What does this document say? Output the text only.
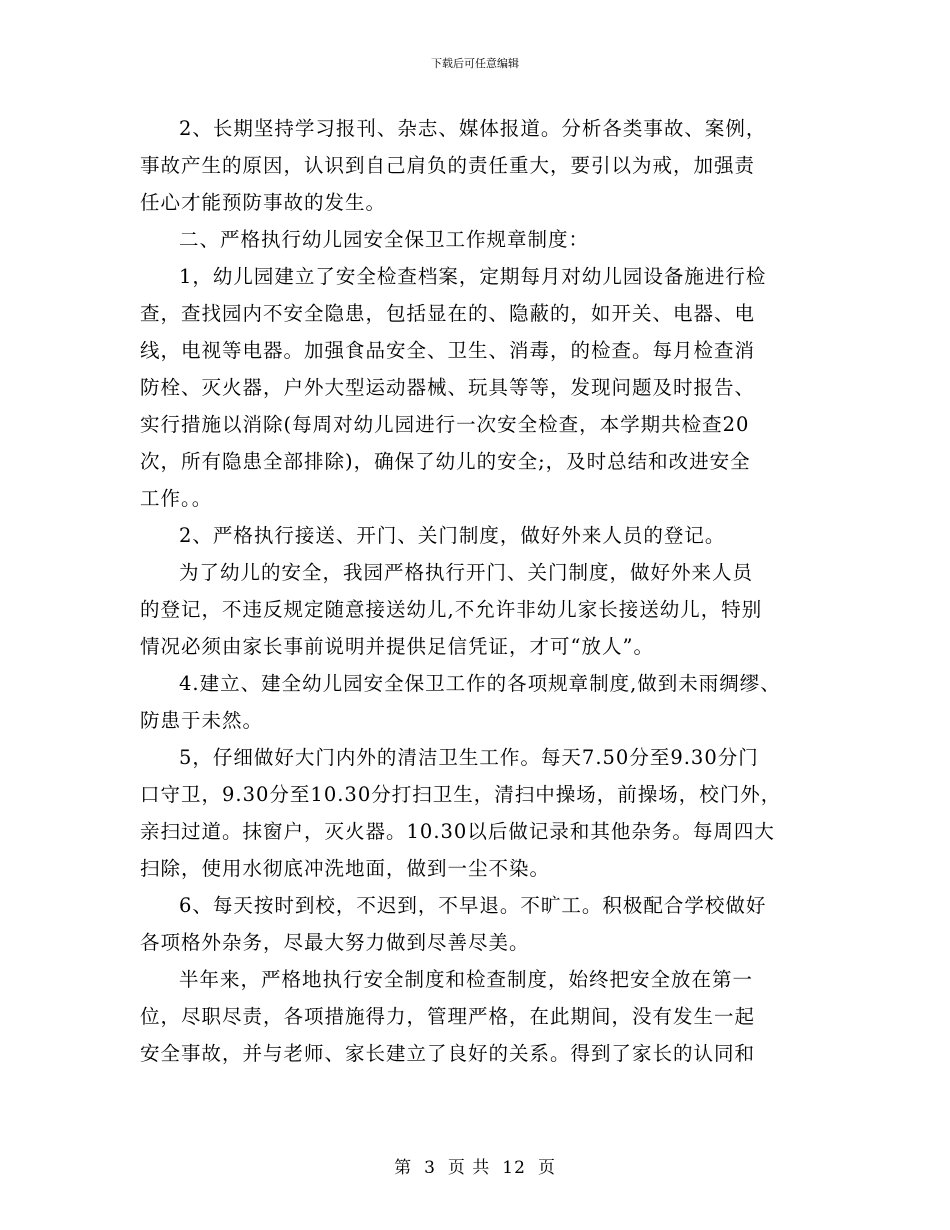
下载后可任意编辑

2、长期坚持学习报刊、杂志、媒体报道。分析各类事故、案例，
事故产生的原因，认识到自己肩负的责任重大，要引以为戒，加强责
任心才能预防事故的发生。

二、严格执行幼儿园安全保卫工作规章制度：

1，幼儿园建立了安全检查档案，定期每月对幼儿园设备施进行检
查，查找园内不安全隐患，包括显在的、隐蔽的，如开关、电器、电
线，电视等电器。加强食品安全、卫生、消毒，的检查。每月检查消
防栓、灭火器，户外大型运动器械、玩具等等，发现问题及时报告、
实行措施以消除(每周对幼儿园进行一次安全检查，本学期共检查20
次，所有隐患全部排除)，确保了幼儿的安全;，及时总结和改进安全
工作。。

2、严格执行接送、开门、关门制度，做好外来人员的登记。

为了幼儿的安全，我园严格执行开门、关门制度，做好外来人员
的登记，不违反规定随意接送幼儿,不允许非幼儿家长接送幼儿，特别
情况必须由家长事前说明并提供足信凭证，才可“放人”。

4.建立、建全幼儿园安全保卫工作的各项规章制度,做到未雨绸缪、
防患于未然。

5，仔细做好大门内外的清洁卫生工作。每天7.50分至9.30分门
口守卫，9.30分至10.30分打扫卫生，清扫中操场，前操场，校门外，
亲扫过道。抹窗户，灭火器。10.30以后做记录和其他杂务。每周四大
扫除，使用水彻底冲洗地面，做到一尘不染。

6、每天按时到校，不迟到，不早退。不旷工。积极配合学校做好
各项格外杂务，尽最大努力做到尽善尽美。

半年来，严格地执行安全制度和检查制度，始终把安全放在第一
位，尽职尽责，各项措施得力，管理严格，在此期间，没有发生一起
安全事故，并与老师、家长建立了良好的关系。得到了家长的认同和

第 3 页 共 12 页
